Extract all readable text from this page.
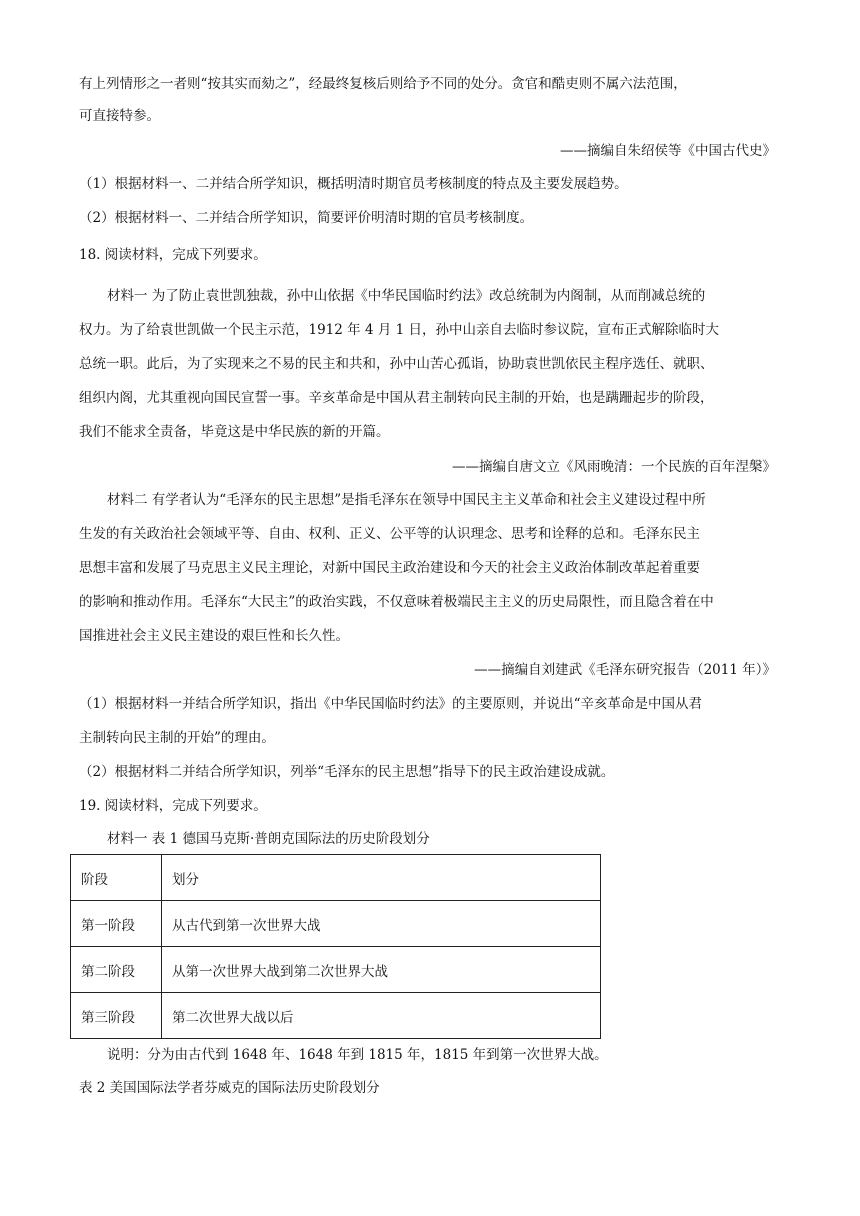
有上列情形之一者则“按其实而劾之”，经最终复核后则给予不同的处分。贪官和酷吏则不属六法范围，
可直接特参。
——摘编自朱绍侯等《中国古代史》
（1）根据材料一、二并结合所学知识，概括明清时期官员考核制度的特点及主要发展趋势。
（2）根据材料一、二并结合所学知识，简要评价明清时期的官员考核制度。
18. 阅读材料，完成下列要求。
材料一 为了防止袁世凯独裁，孙中山依据《中华民国临时约法》改总统制为内阁制，从而削减总统的
权力。为了给袁世凯做一个民主示范，1912 年 4 月 1 日，孙中山亲自去临时参议院，宣布正式解除临时大
总统一职。此后，为了实现来之不易的民主和共和，孙中山苦心孤诣，协助袁世凯依民主程序选任、就职、
组织内阁，尤其重视向国民宣誓一事。辛亥革命是中国从君主制转向民主制的开始，也是蹒跚起步的阶段，
我们不能求全责备，毕竟这是中华民族的新的开篇。
——摘编自唐文立《风雨晚清：一个民族的百年涅槃》
材料二 有学者认为“毛泽东的民主思想”是指毛泽东在领导中国民主主义革命和社会主义建设过程中所
生发的有关政治社会领域平等、自由、权利、正义、公平等的认识理念、思考和诠释的总和。毛泽东民主
思想丰富和发展了马克思主义民主理论，对新中国民主政治建设和今天的社会主义政治体制改革起着重要
的影响和推动作用。毛泽东“大民主”的政治实践，不仅意味着极端民主主义的历史局限性，而且隐含着在中
国推进社会主义民主建设的艰巨性和长久性。
——摘编自刘建武《毛泽东研究报告（2011 年）》
（1）根据材料一并结合所学知识，指出《中华民国临时约法》的主要原则，并说出“辛亥革命是中国从君
主制转向民主制的开始”的理由。
（2）根据材料二并结合所学知识，列举“毛泽东的民主思想”指导下的民主政治建设成就。
19. 阅读材料，完成下列要求。
材料一 表 1 德国马克斯·普朗克国际法的历史阶段划分
阶段	划分
第一阶段	从古代到第一次世界大战
第二阶段	从第一次世界大战到第二次世界大战
第三阶段	第二次世界大战以后
说明：分为由古代到 1648 年、1648 年到 1815 年，1815 年到第一次世界大战。
表 2 美国国际法学者芬威克的国际法历史阶段划分
